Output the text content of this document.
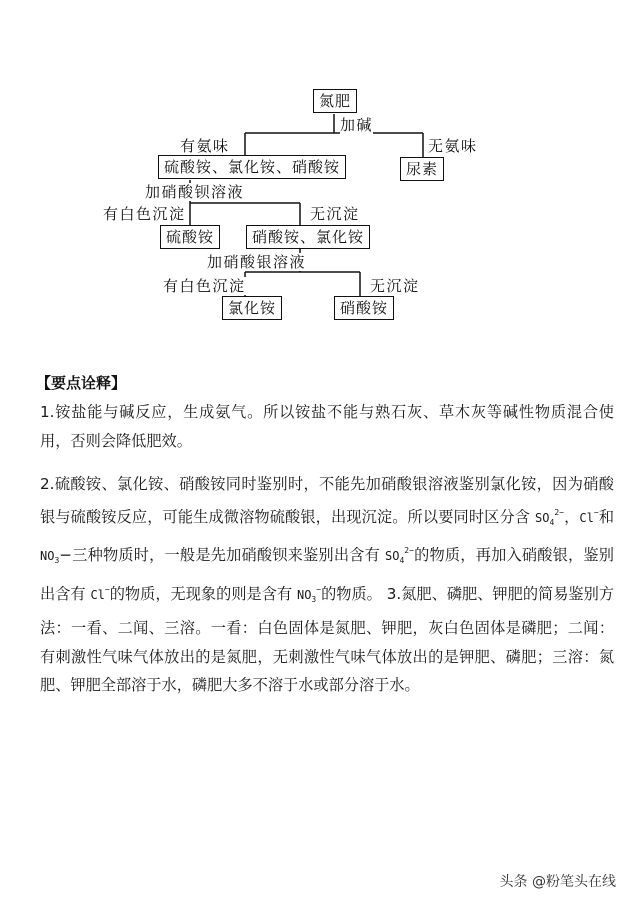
氮肥
加碱
有氨味	无氨味
硫酸铵、氯化铵、硝酸铵	尿素
加硝酸钡溶液
有白色沉淀	无沉淀
硫酸铵	硝酸铵、氯化铵
加硝酸银溶液
有白色沉淀	无沉淀
氯化铵	硝酸铵
【要点诠释】

1.铵盐能与碱反应，生成氨气。所以铵盐不能与熟石灰、草木灰等碱性物质混合使用，否则会降低肥效。

2.硫酸铵、氯化铵、硝酸铵同时鉴别时，不能先加硝酸银溶液鉴别氯化铵，因为硝酸银与硫酸铵反应，可能生成微溶物硫酸银，出现沉淀。所以要同时区分含 $SO_4^{2-}$，Cl−和 $NO_3-$三种物质时，一般是先加硝酸钡来鉴别出含有 $SO_4^{2-}$的物质，再加入硝酸银，鉴别出含有 Cl−的物质，无现象的则是含有 $NO_3^-$的物质。 3.氮肥、磷肥、钾肥的简易鉴别方法：一看、二闻、三溶。一看：白色固体是氮肥、钾肥，灰白色固体是磷肥；二闻：有刺激性气味气体放出的是氮肥，无刺激性气味气体放出的是钾肥、磷肥；三溶：氮肥、钾肥全部溶于水，磷肥大多不溶于水或部分溶于水。

头条 @粉笔头在线
